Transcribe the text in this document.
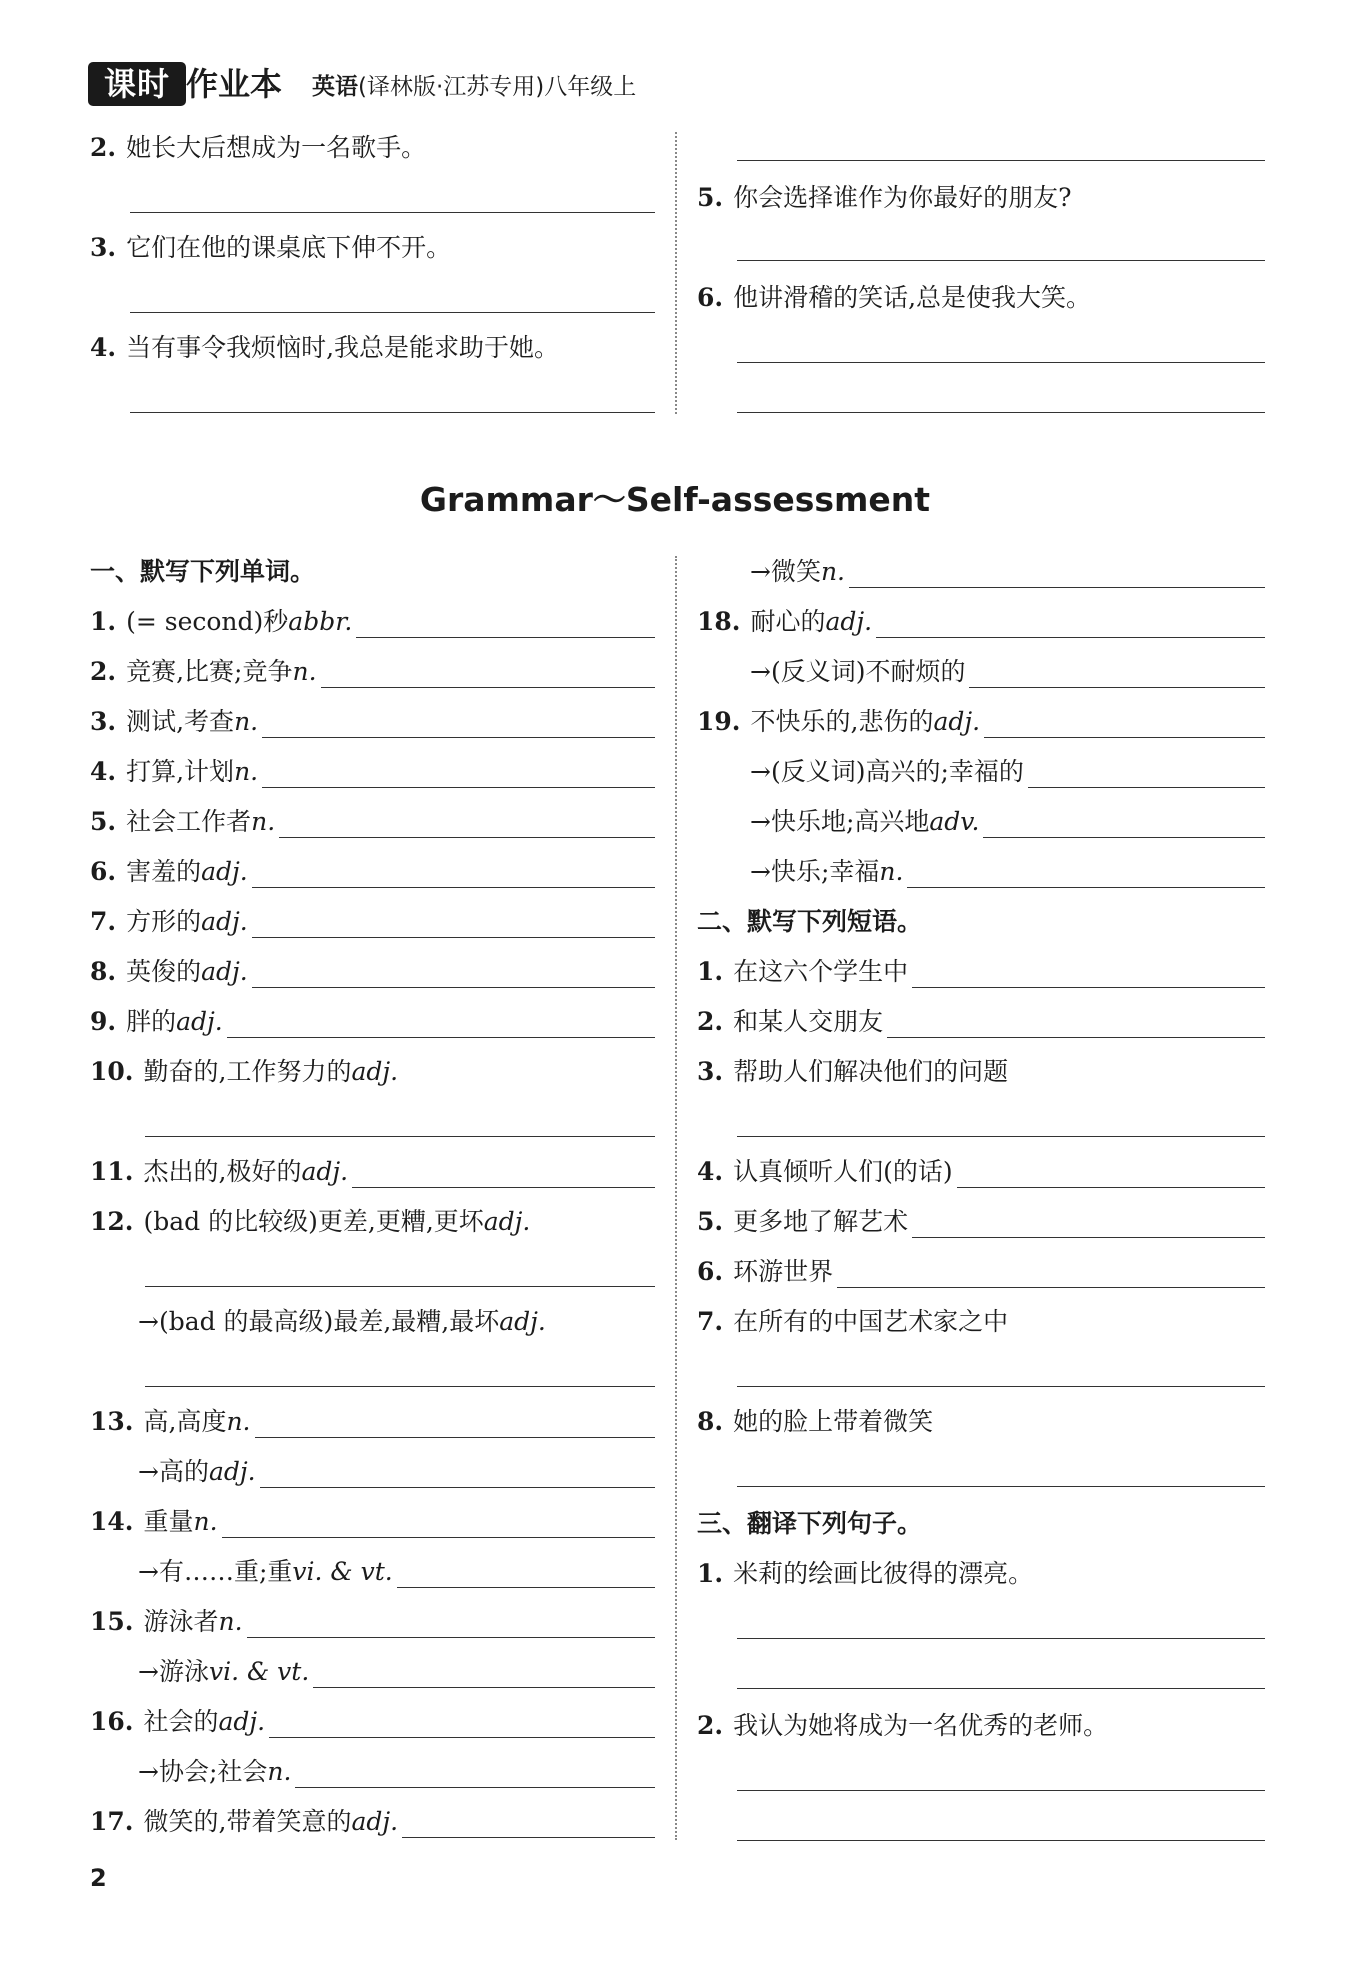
课时 作业本 英语(译林版·江苏专用)八年级上
2. 她长大后想成为一名歌手。
3. 它们在他的课桌底下伸不开。
4. 当有事令我烦恼时,我总是能求助于她。
5. 你会选择谁作为你最好的朋友?
6. 他讲滑稽的笑话,总是使我大笑。
Grammar～Self-assessment
一、默写下列单词。
1. (= second)秒 abbr.
2. 竞赛,比赛;竞争 n.
3. 测试,考查 n.
4. 打算,计划 n.
5. 社会工作者 n.
6. 害羞的 adj.
7. 方形的 adj.
8. 英俊的 adj.
9. 胖的 adj.
10. 勤奋的,工作努力的 adj.
11. 杰出的,极好的 adj.
12. (bad 的比较级)更差,更糟,更坏 adj.
→(bad 的最高级)最差,最糟,最坏 adj.
13. 高,高度 n.
→高的 adj.
14. 重量 n.
→有……重;重 vi. & vt.
15. 游泳者 n.
→游泳 vi. & vt.
16. 社会的 adj.
→协会;社会 n.
17. 微笑的,带着笑意的 adj.
→微笑 n.
18. 耐心的 adj.
→(反义词)不耐烦的
19. 不快乐的,悲伤的 adj.
→(反义词)高兴的;幸福的
→快乐地;高兴地 adv.
→快乐;幸福 n.
二、默写下列短语。
1. 在这六个学生中
2. 和某人交朋友
3. 帮助人们解决他们的问题
4. 认真倾听人们(的话)
5. 更多地了解艺术
6. 环游世界
7. 在所有的中国艺术家之中
8. 她的脸上带着微笑
三、翻译下列句子。
1. 米莉的绘画比彼得的漂亮。
2. 我认为她将成为一名优秀的老师。
2
